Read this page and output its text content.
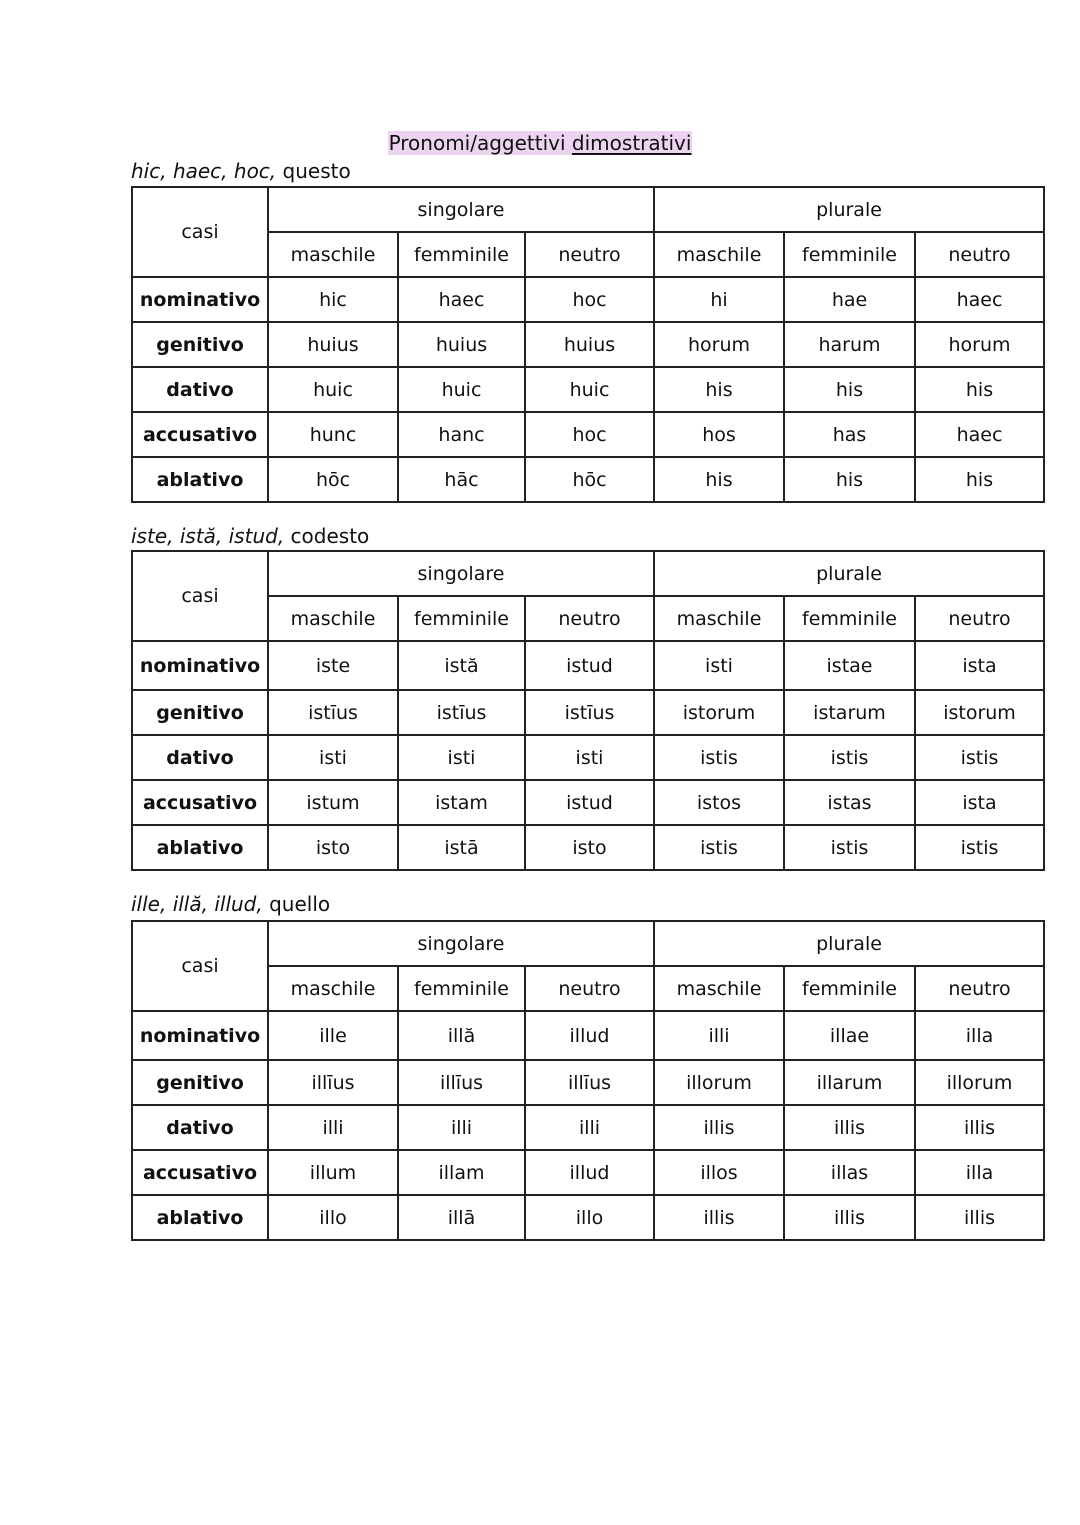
Pronomi/aggettivi dimostrativi
hic, haec, hoc, questo
casi	singolare			plurale		
	maschile	femminile	neutro	maschile	femminile	neutro
nominativo	hic	haec	hoc	hi	hae	haec
genitivo	huius	huius	huius	horum	harum	horum
dativo	huic	huic	huic	his	his	his
accusativo	hunc	hanc	hoc	hos	has	haec
ablativo	hōc	hāc	hōc	his	his	his
iste, istă, istud, codesto
casi	singolare			plurale		
	maschile	femminile	neutro	maschile	femminile	neutro
nominativo	iste	istă	istud	isti	istae	ista
genitivo	istīus	istīus	istīus	istorum	istarum	istorum
dativo	isti	isti	isti	istis	istis	istis
accusativo	istum	istam	istud	istos	istas	ista
ablativo	isto	istā	isto	istis	istis	istis
ille, illă, illud, quello
casi	singolare			plurale		
	maschile	femminile	neutro	maschile	femminile	neutro
nominativo	ille	illă	illud	illi	illae	illa
genitivo	illīus	illīus	illīus	illorum	illarum	illorum
dativo	illi	illi	illi	illis	illis	illis
accusativo	illum	illam	illud	illos	illas	illa
ablativo	illo	illā	illo	illis	illis	illis
